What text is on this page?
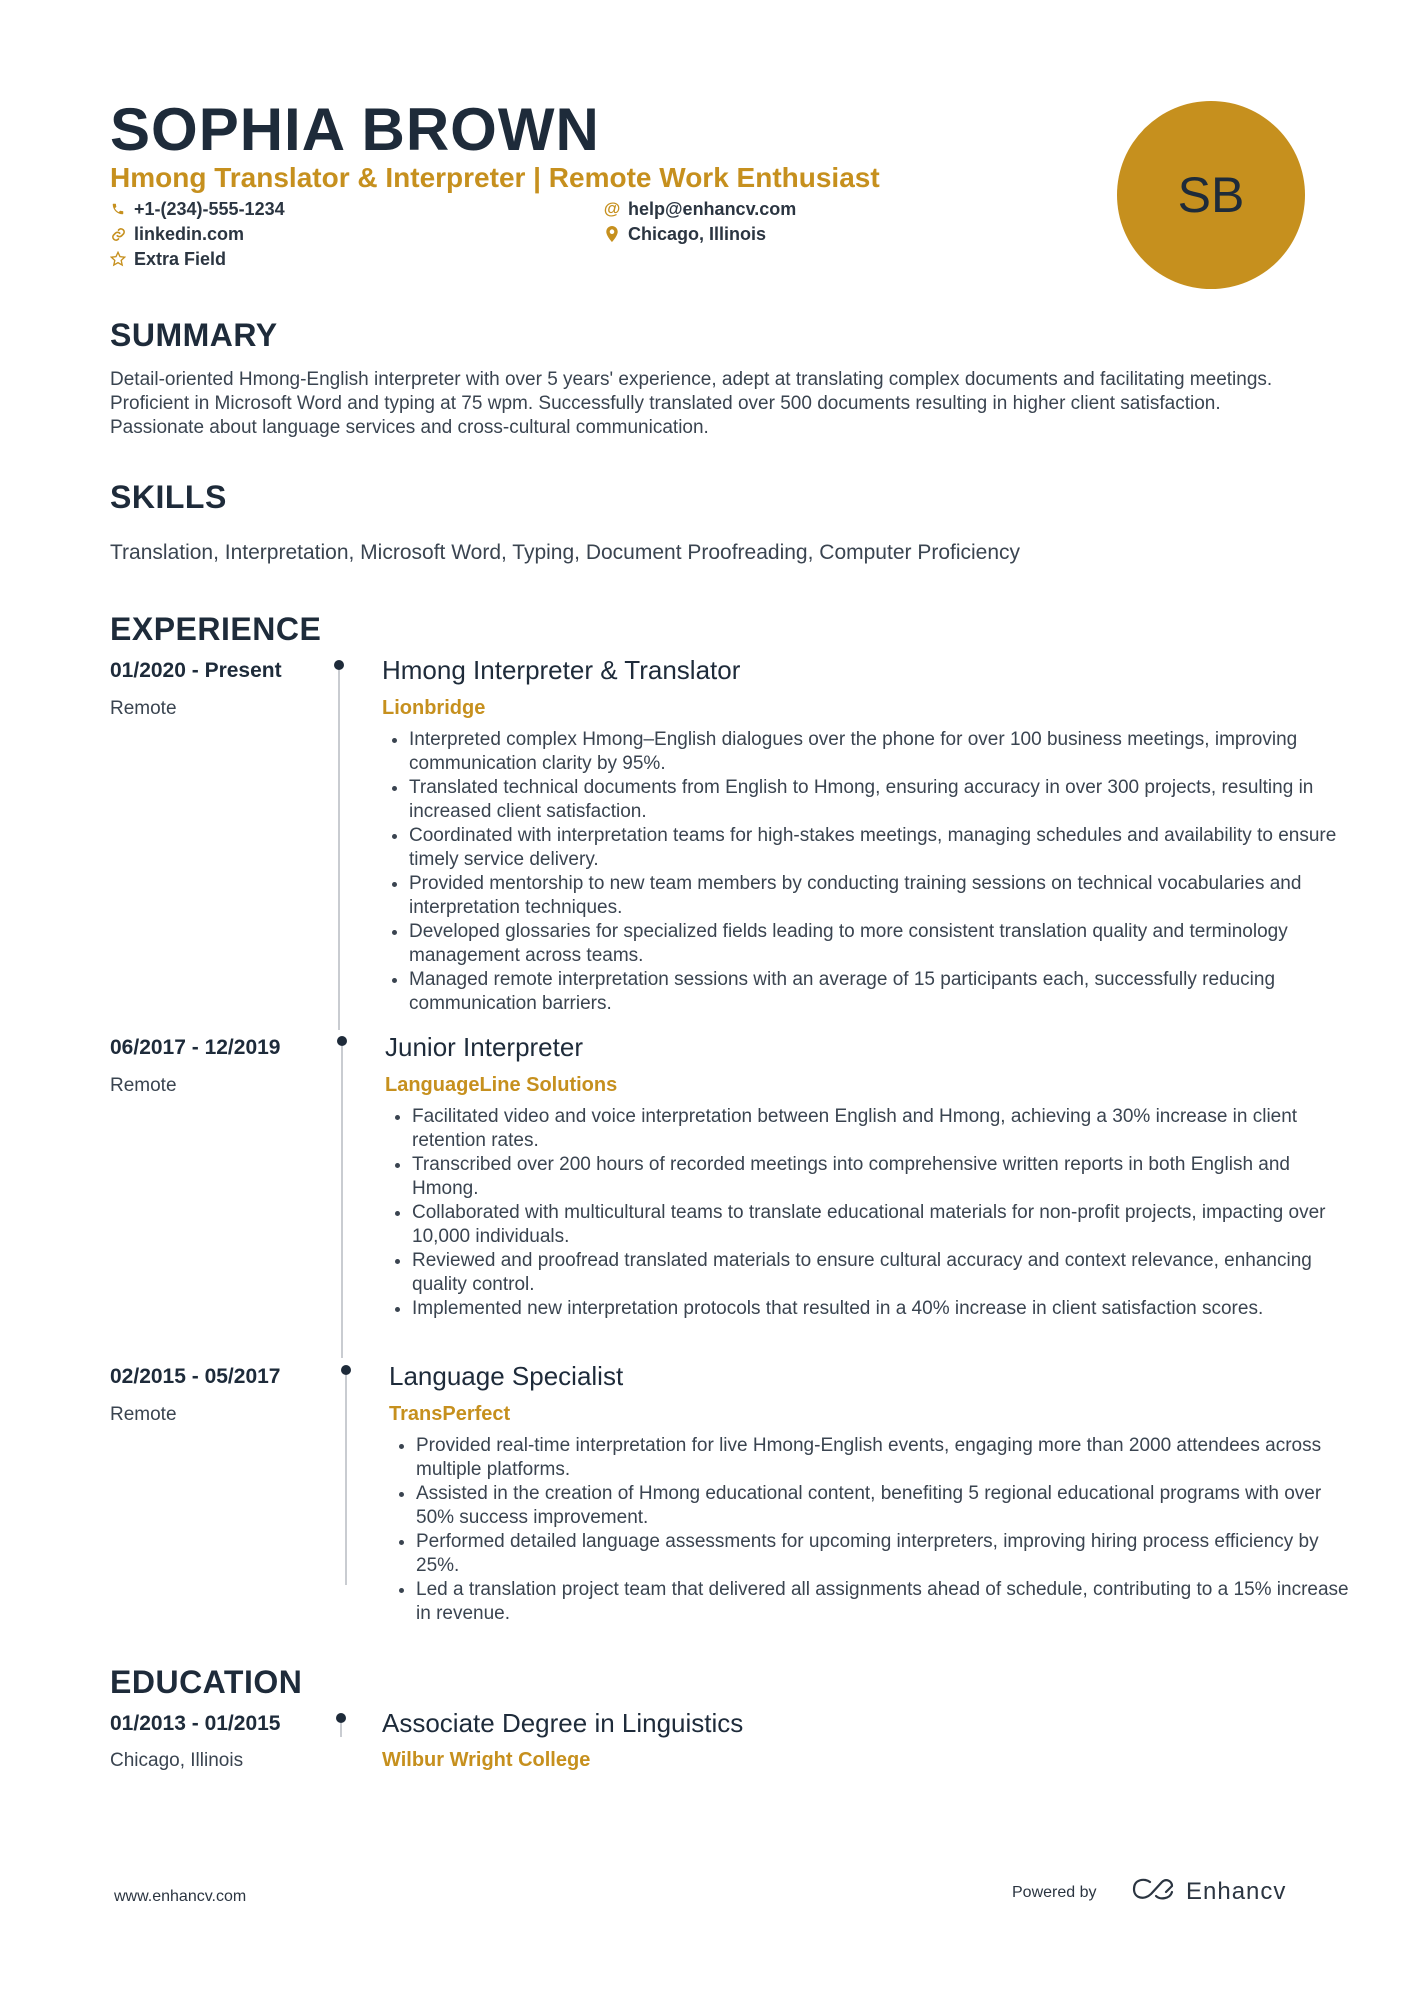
SOPHIA BROWN
Hmong Translator & Interpreter | Remote Work Enthusiast
+1-(234)-555-1234	@ help@enhancv.com
linkedin.com	Chicago, Illinois
Extra Field
SB
SUMMARY
Detail-oriented Hmong-English interpreter with over 5 years' experience, adept at translating complex documents and facilitating meetings. Proficient in Microsoft Word and typing at 75 wpm. Successfully translated over 500 documents resulting in higher client satisfaction. Passionate about language services and cross-cultural communication.
SKILLS
Translation, Interpretation, Microsoft Word, Typing, Document Proofreading, Computer Proficiency
EXPERIENCE
01/2020 - Present
Remote
Hmong Interpreter & Translator
Lionbridge
• Interpreted complex Hmong–English dialogues over the phone for over 100 business meetings, improving communication clarity by 95%.
• Translated technical documents from English to Hmong, ensuring accuracy in over 300 projects, resulting in increased client satisfaction.
• Coordinated with interpretation teams for high-stakes meetings, managing schedules and availability to ensure timely service delivery.
• Provided mentorship to new team members by conducting training sessions on technical vocabularies and interpretation techniques.
• Developed glossaries for specialized fields leading to more consistent translation quality and terminology management across teams.
• Managed remote interpretation sessions with an average of 15 participants each, successfully reducing communication barriers.
06/2017 - 12/2019
Remote
Junior Interpreter
LanguageLine Solutions
• Facilitated video and voice interpretation between English and Hmong, achieving a 30% increase in client retention rates.
• Transcribed over 200 hours of recorded meetings into comprehensive written reports in both English and Hmong.
• Collaborated with multicultural teams to translate educational materials for non-profit projects, impacting over 10,000 individuals.
• Reviewed and proofread translated materials to ensure cultural accuracy and context relevance, enhancing quality control.
• Implemented new interpretation protocols that resulted in a 40% increase in client satisfaction scores.
02/2015 - 05/2017
Remote
Language Specialist
TransPerfect
• Provided real-time interpretation for live Hmong-English events, engaging more than 2000 attendees across multiple platforms.
• Assisted in the creation of Hmong educational content, benefiting 5 regional educational programs with over 50% success improvement.
• Performed detailed language assessments for upcoming interpreters, improving hiring process efficiency by 25%.
• Led a translation project team that delivered all assignments ahead of schedule, contributing to a 15% increase in revenue.
EDUCATION
01/2013 - 01/2015
Chicago, Illinois
Associate Degree in Linguistics
Wilbur Wright College
www.enhancv.com	Powered by	Enhancv
